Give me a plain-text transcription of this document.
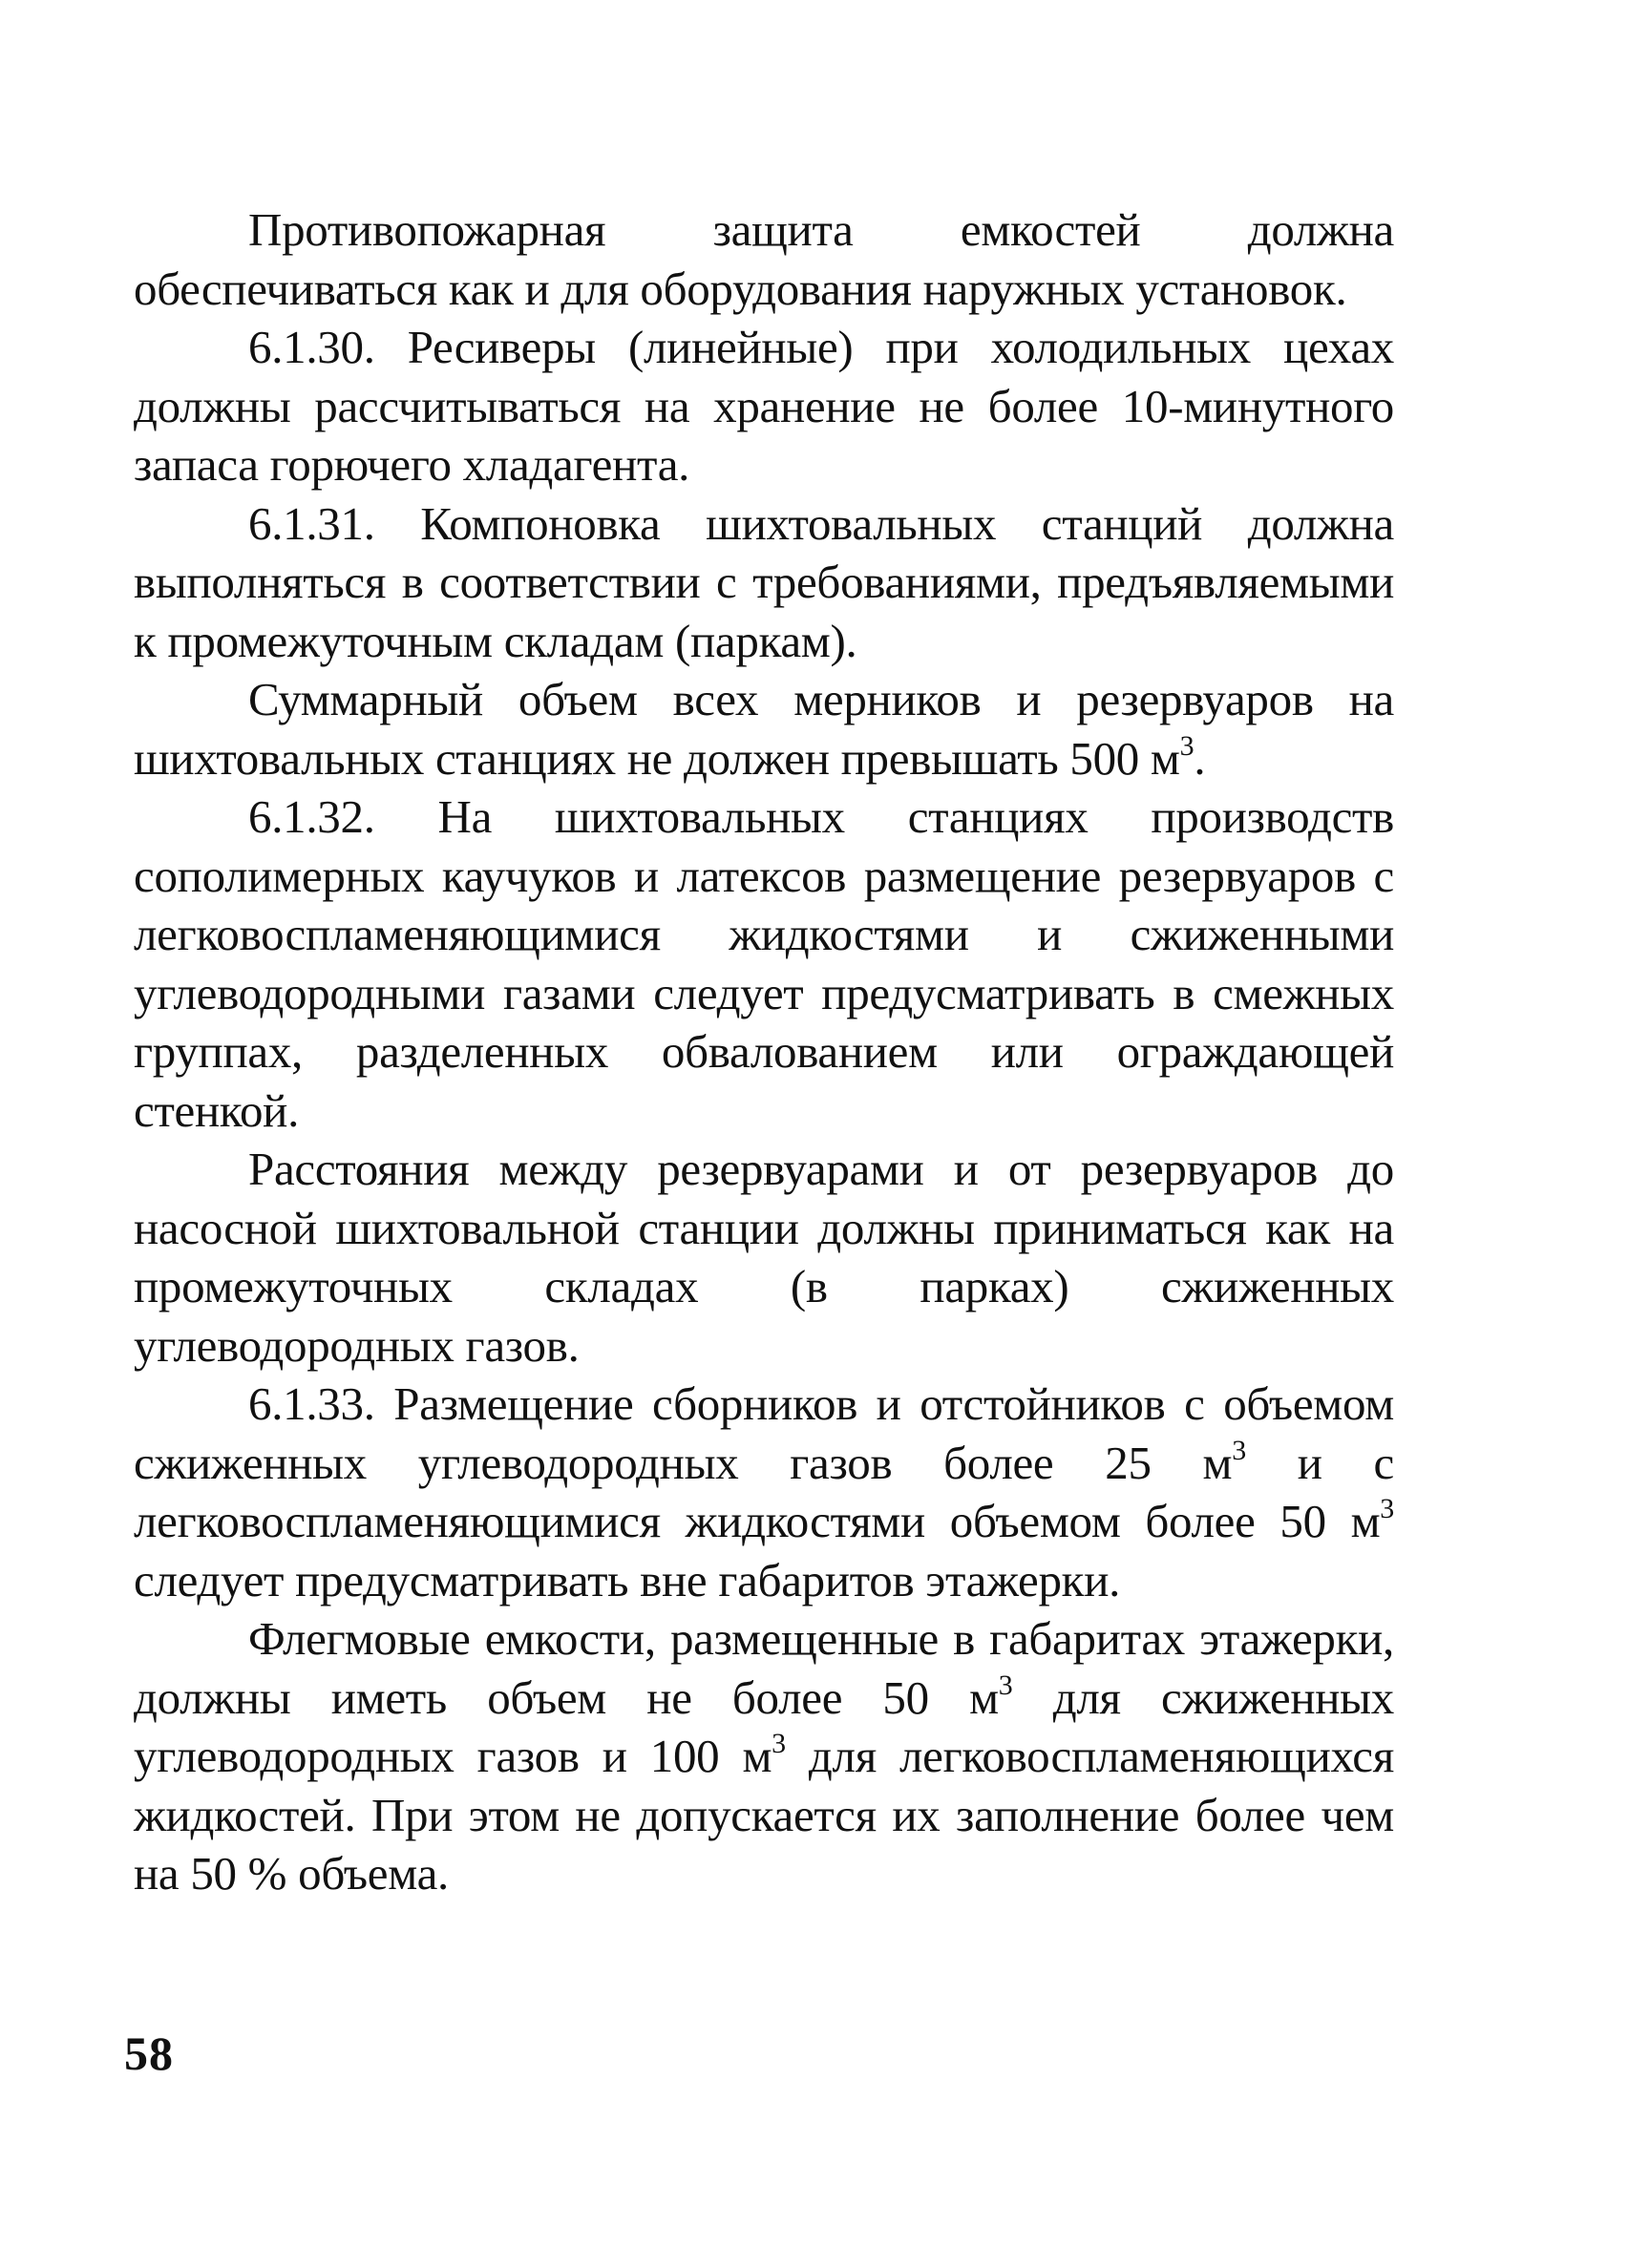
Противопожарная защита емкостей должна обеспечиваться как и для оборудования наружных установок.

6.1.30. Ресиверы (линейные) при холодильных цехах должны рассчитываться на хранение не более 10-минутного запаса горючего хладагента.

6.1.31. Компоновка шихтовальных станций должна выполняться в соответствии с требованиями, предъявляемыми к промежуточным складам (паркам).

Суммарный объем всех мерников и резервуаров на шихтовальных станциях не должен превышать 500 $м^3$.

6.1.32. На шихтовальных станциях производств сополимерных каучуков и латексов размещение резервуаров с легковоспламеняющимися жидкостями и сжиженными углеводородными газами следует предусматривать в смежных группах, разделенных обвалованием или ограждающей стенкой.

Расстояния между резервуарами и от резервуаров до насосной шихтовальной станции должны приниматься как на промежуточных складах (в парках) сжиженных углеводородных газов.

6.1.33. Размещение сборников и отстойников с объемом сжиженных углеводородных газов более 25 $м^3$ и с легковоспламеняющимися жидкостями объемом более 50 $м^3$ следует предусматривать вне габаритов этажерки.

Флегмовые емкости, размещенные в габаритах этажерки, должны иметь объем не более 50 $м^3$ для сжиженных углеводородных газов и 100 $м^3$ для легковоспламеняющихся жидкостей. При этом не допускается их заполнение более чем на 50 % объема.

58
